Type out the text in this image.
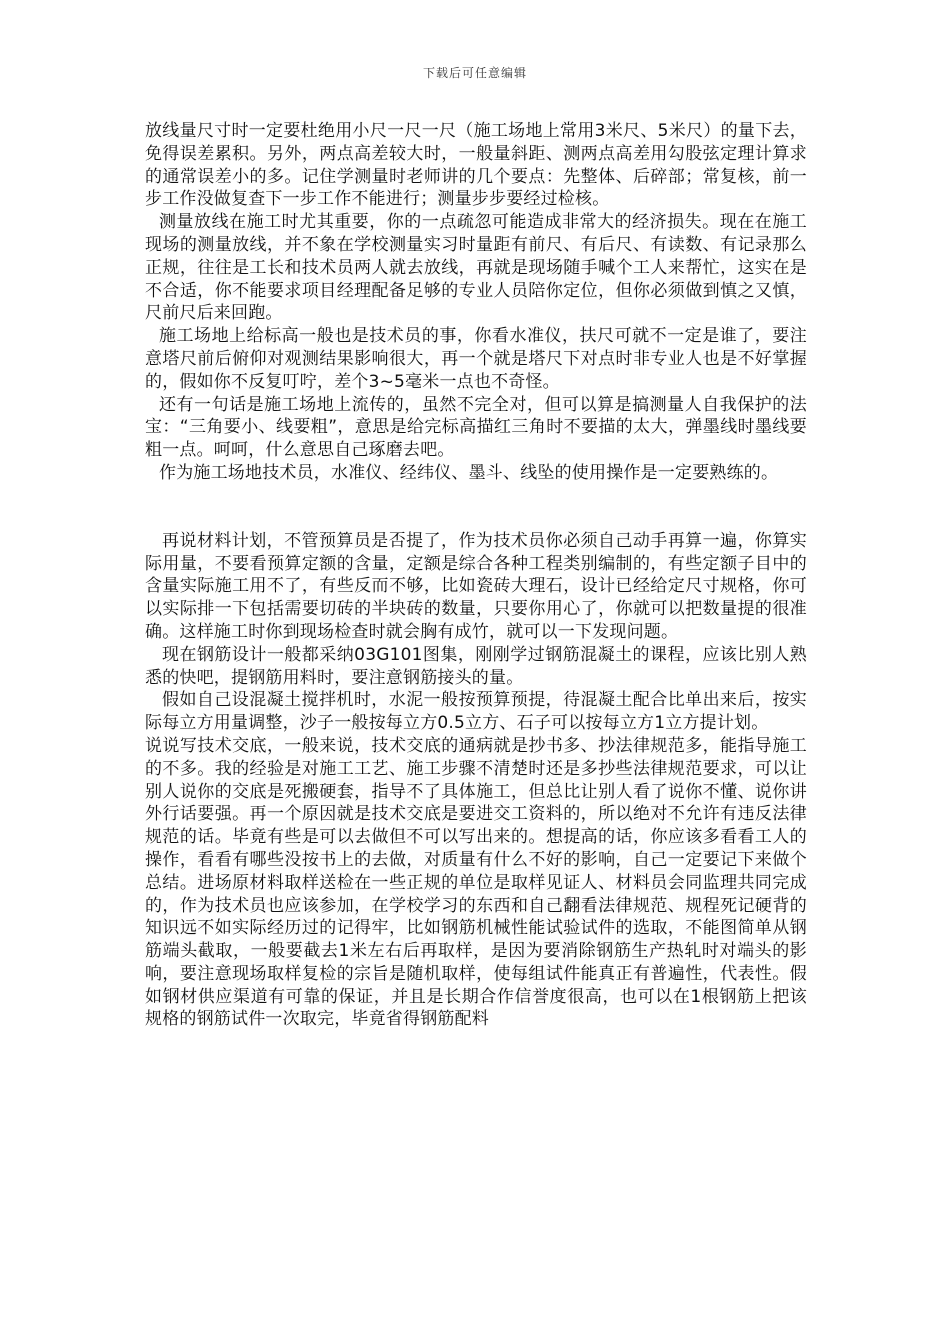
下载后可任意编辑

放线量尺寸时一定要杜绝用小尺一尺一尺（施工场地上常用3米尺、5米尺）的量下去，免得误差累积。另外，两点高差较大时，一般量斜距、测两点高差用勾股弦定理计算求的通常误差小的多。记住学测量时老师讲的几个要点：先整体、后碎部；常复核，前一步工作没做复查下一步工作不能进行；测量步步要经过检核。

测量放线在施工时尤其重要，你的一点疏忽可能造成非常大的经济损失。现在在施工现场的测量放线，并不象在学校测量实习时量距有前尺、有后尺、有读数、有记录那么正规，往往是工长和技术员两人就去放线，再就是现场随手喊个工人来帮忙，这实在是不合适，你不能要求项目经理配备足够的专业人员陪你定位，但你必须做到慎之又慎，尺前尺后来回跑。

施工场地上给标高一般也是技术员的事，你看水准仪，扶尺可就不一定是谁了，要注意塔尺前后俯仰对观测结果影响很大，再一个就是塔尺下对点时非专业人也是不好掌握的，假如你不反复叮咛，差个3~5毫米一点也不奇怪。

还有一句话是施工场地上流传的，虽然不完全对，但可以算是搞测量人自我保护的法宝：“三角要小、线要粗”，意思是给完标高描红三角时不要描的太大，弹墨线时墨线要粗一点。呵呵，什么意思自己琢磨去吧。

作为施工场地技术员，水准仪、经纬仪、墨斗、线坠的使用操作是一定要熟练的。

再说材料计划，不管预算员是否提了，作为技术员你必须自己动手再算一遍，你算实际用量，不要看预算定额的含量，定额是综合各种工程类别编制的，有些定额子目中的含量实际施工用不了，有些反而不够，比如瓷砖大理石，设计已经给定尺寸规格，你可以实际排一下包括需要切砖的半块砖的数量，只要你用心了，你就可以把数量提的很准确。这样施工时你到现场检查时就会胸有成竹，就可以一下发现问题。

现在钢筋设计一般都采纳03G101图集，刚刚学过钢筋混凝土的课程，应该比别人熟悉的快吧，提钢筋用料时，要注意钢筋接头的量。

假如自己设混凝土搅拌机时，水泥一般按预算预提，待混凝土配合比单出来后，按实际每立方用量调整，沙子一般按每立方0.5立方、石子可以按每立方1立方提计划。

说说写技术交底，一般来说，技术交底的通病就是抄书多、抄法律规范多，能指导施工的不多。我的经验是对施工工艺、施工步骤不清楚时还是多抄些法律规范要求，可以让别人说你的交底是死搬硬套，指导不了具体施工，但总比让别人看了说你不懂、说你讲外行话要强。再一个原因就是技术交底是要进交工资料的，所以绝对不允许有违反法律规范的话。毕竟有些是可以去做但不可以写出来的。想提高的话，你应该多看看工人的操作，看看有哪些没按书上的去做，对质量有什么不好的影响，自己一定要记下来做个总结。进场原材料取样送检在一些正规的单位是取样见证人、材料员会同监理共同完成的，作为技术员也应该参加，在学校学习的东西和自己翻看法律规范、规程死记硬背的知识远不如实际经历过的记得牢，比如钢筋机械性能试验试件的选取，不能图简单从钢筋端头截取，一般要截去1米左右后再取样，是因为要消除钢筋生产热轧时对端头的影响，要注意现场取样复检的宗旨是随机取样，使每组试件能真正有普遍性，代表性。假如钢材供应渠道有可靠的保证，并且是长期合作信誉度很高，也可以在1根钢筋上把该规格的钢筋试件一次取完，毕竟省得钢筋配料
